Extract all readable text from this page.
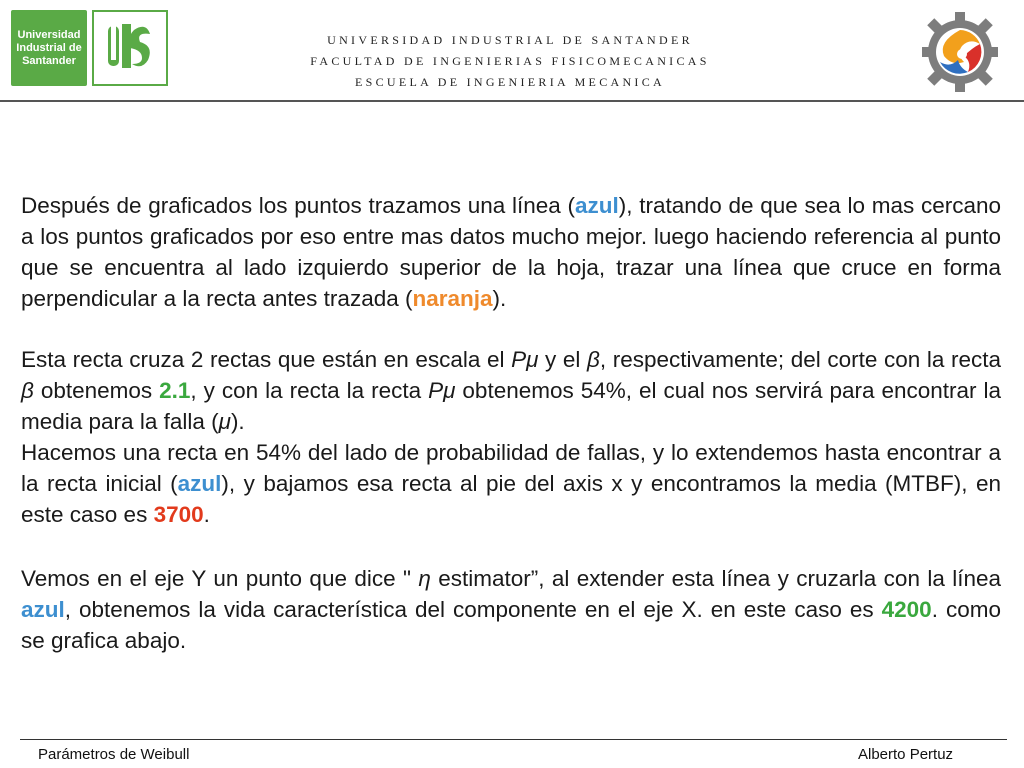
Universidad
Industrial de
Santander
UNIVERSIDAD INDUSTRIAL DE SANTANDER
FACULTAD DE INGENIERIAS FISICOMECANICAS
ESCUELA DE INGENIERIA MECANICA

Después de graficados los puntos trazamos una línea (azul), tratando de que sea lo mas cercano a los puntos graficados por eso entre mas datos mucho mejor. luego haciendo referencia al punto que se encuentra al lado izquierdo superior de la hoja, trazar una línea que cruce en forma perpendicular a la recta antes trazada (naranja).

Esta recta cruza 2 rectas que están en escala el Pμ y el β, respectivamente; del corte con la recta β obtenemos 2.1, y con la recta la recta Pμ obtenemos 54%, el cual nos servirá para encontrar la media para la falla (μ).

Hacemos una recta en 54% del lado de probabilidad de fallas, y lo extendemos hasta encontrar a la recta inicial (azul), y bajamos esa recta al pie del axis x y encontramos la media (MTBF), en este caso es 3700.

Vemos en el eje Y un punto que dice " η estimator”, al extender esta línea y cruzarla con la línea azul, obtenemos la vida característica del componente en el eje X. en este caso es 4200. como se grafica abajo.

Parámetros de Weibull	Alberto Pertuz
